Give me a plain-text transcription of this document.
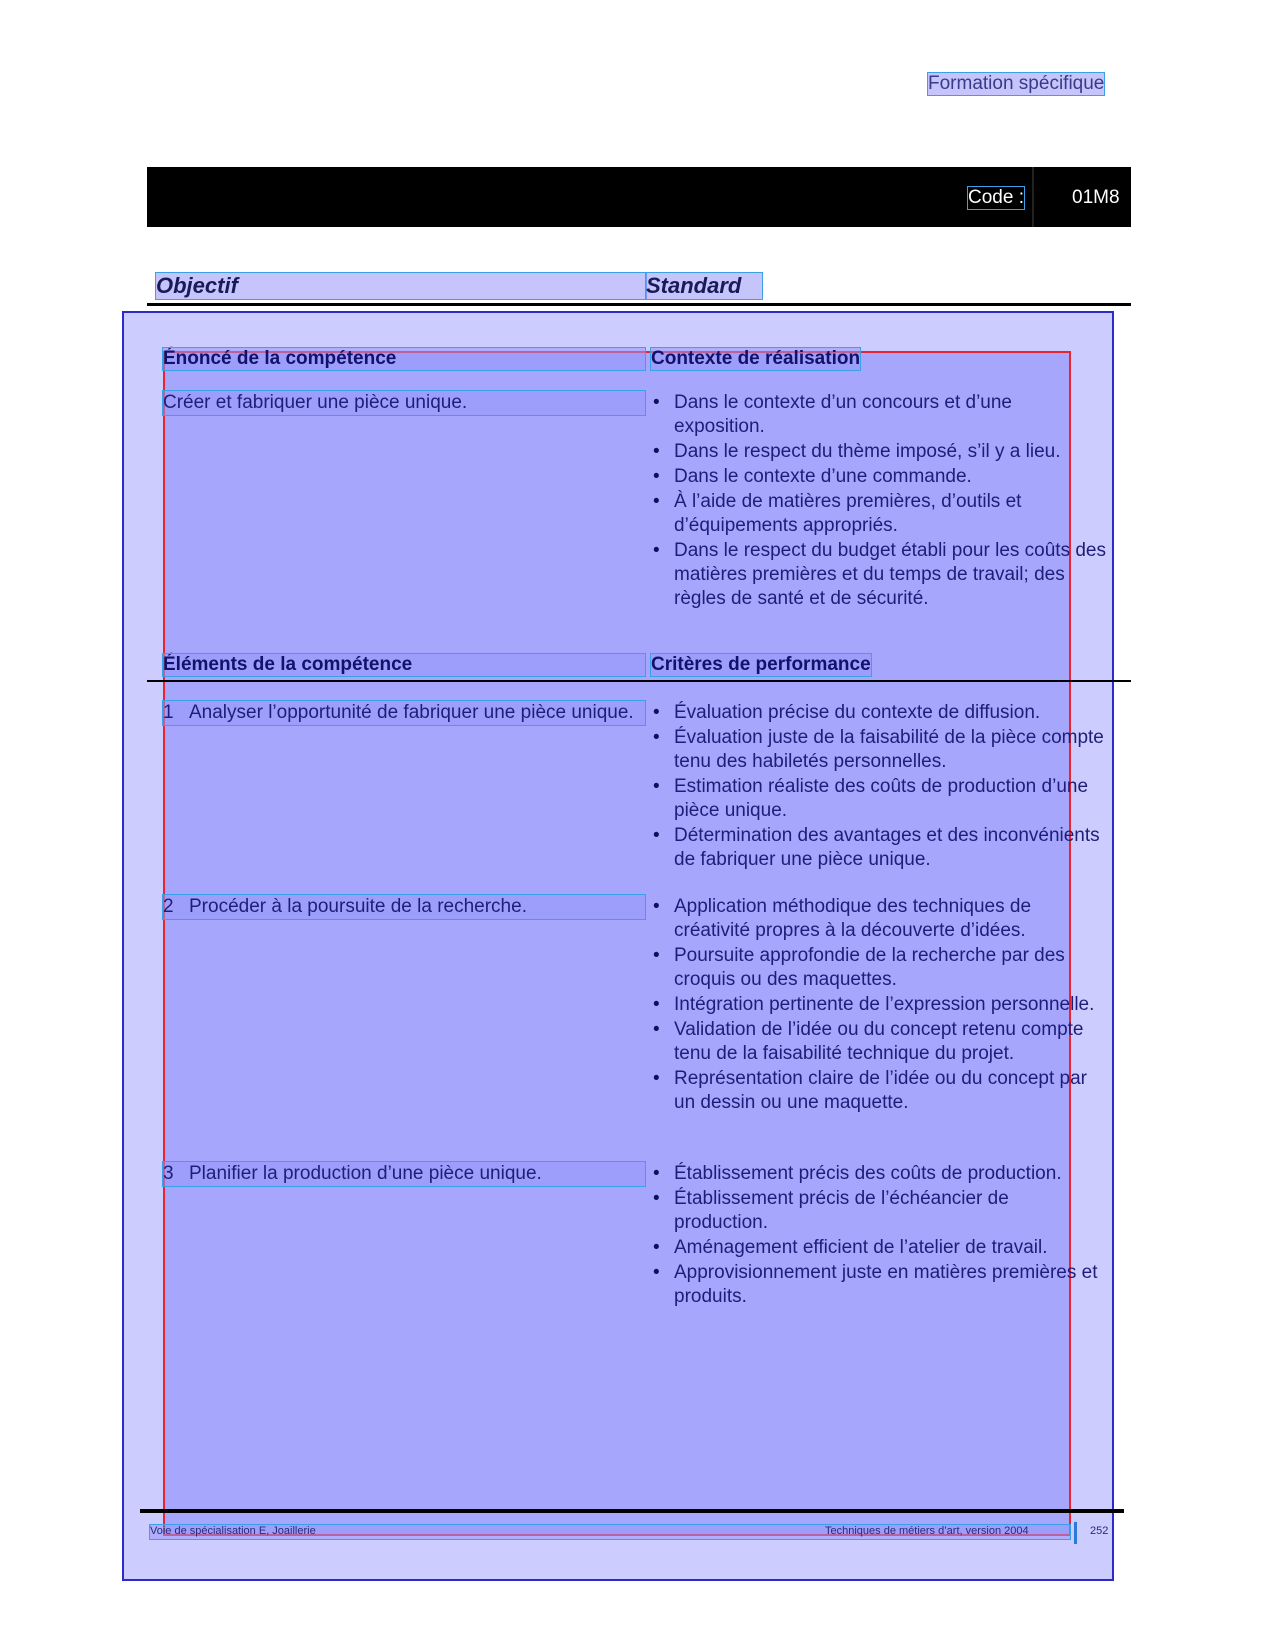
Formation spécifique
Code :	01M8
Objectif	Standard
Énoncé de la compétence	Contexte de réalisation
Créer et fabriquer une pièce unique.	• Dans le contexte d’un concours et d’une exposition.
• Dans le respect du thème imposé, s’il y a lieu.
• Dans le contexte d’une commande.
• À l’aide de matières premières, d’outils et d’équipements appropriés.
• Dans le respect du budget établi pour les coûts des matières premières et du temps de travail; des règles de santé et de sécurité.
Éléments de la compétence	Critères de performance
1 Analyser l’opportunité de fabriquer une pièce unique.	• Évaluation précise du contexte de diffusion.
• Évaluation juste de la faisabilité de la pièce compte tenu des habiletés personnelles.
• Estimation réaliste des coûts de production d’une pièce unique.
• Détermination des avantages et des inconvénients de fabriquer une pièce unique.
2 Procéder à la poursuite de la recherche.	• Application méthodique des techniques de créativité propres à la découverte d’idées.
• Poursuite approfondie de la recherche par des croquis ou des maquettes.
• Intégration pertinente de l’expression personnelle.
• Validation de l’idée ou du concept retenu compte tenu de la faisabilité technique du projet.
• Représentation claire de l’idée ou du concept par un dessin ou une maquette.
3 Planifier la production d’une pièce unique.	• Établissement précis des coûts de production.
• Établissement précis de l’échéancier de production.
• Aménagement efficient de l’atelier de travail.
• Approvisionnement juste en matières premières et produits.
Voie de spécialisation E, Joaillerie	Techniques de métiers d’art, version 2004	252
